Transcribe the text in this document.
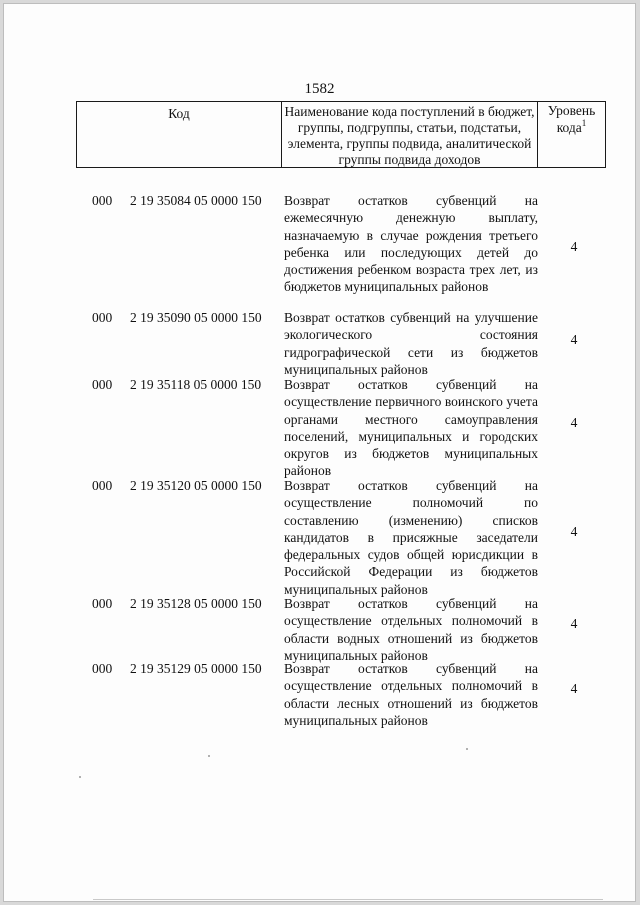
1582
Код	Наименование кода поступлений в бюджет, группы, подгруппы, статьи, подстатьи, элемента, группы подвида, аналитической группы подвида доходов
Уровень кода$^1$
000 2 19 35084 05 0000 150 Возврат остатков субвенций на ежемесячную денежную выплату, назначаемую в случае рождения третьего ребенка или последующих детей до достижения ребенком возраста трех лет, из бюджетов муниципальных районов
4
000 2 19 35090 05 0000 150 Возврат остатков субвенций на улучшение экологического состояния гидрографической сети из бюджетов муниципальных районов
4
000 2 19 35118 05 0000 150 Возврат остатков субвенций на осуществление первичного воинского учета органами местного самоуправления поселений, муниципальных и городских округов из бюджетов муниципальных районов
4
000 2 19 35120 05 0000 150 Возврат остатков субвенций на осуществление полномочий по составлению (изменению) списков кандидатов в присяжные заседатели федеральных судов общей юрисдикции в Российской Федерации из бюджетов муниципальных районов
4
000 2 19 35128 05 0000 150 Возврат остатков субвенций на осуществление отдельных полномочий в области водных отношений из бюджетов муниципальных районов
4
000 2 19 35129 05 0000 150 Возврат остатков субвенций на осуществление отдельных полномочий в области лесных отношений из бюджетов муниципальных районов
4
